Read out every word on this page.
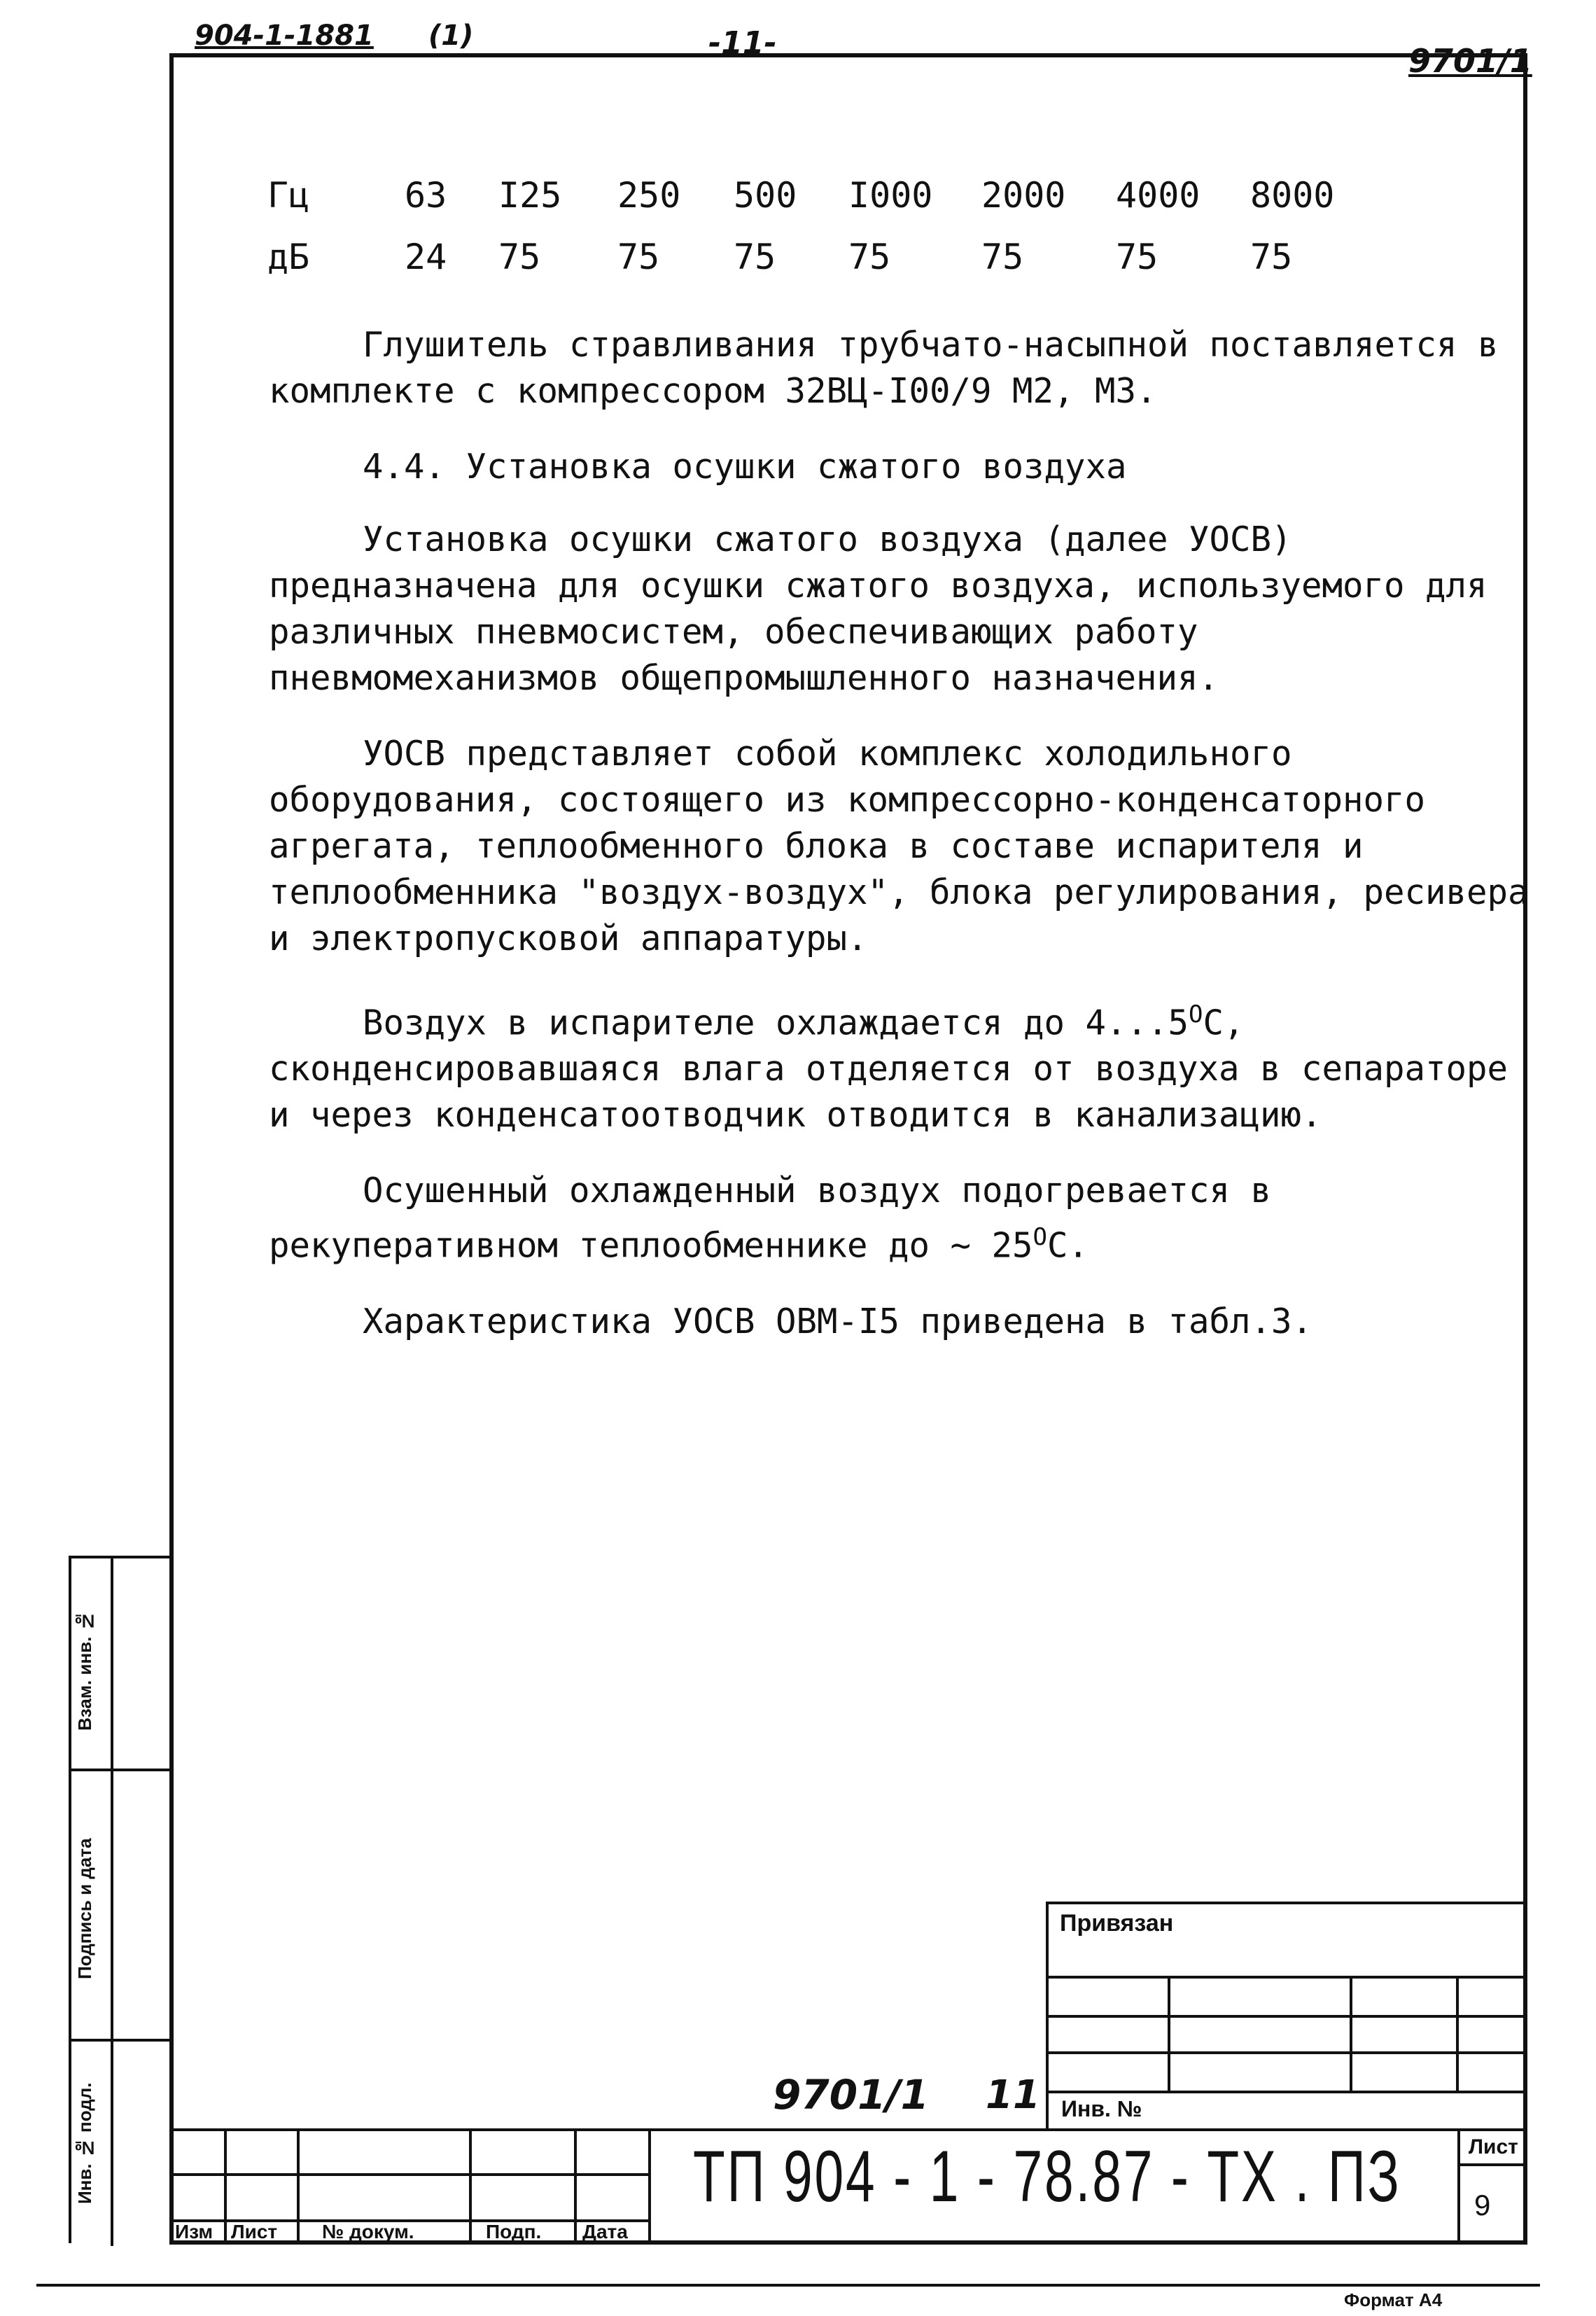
904-1-1881 (1)	-11-	9701/1
Гц	63 I25 250 500 I000 2000 4000 8000
дБ	24 75 75 75 75	75	75	75

Глушитель стравливания трубчато-насыпной поставляется в комплекте с компрессором 32ВЦ-I00/9 М2, М3.

4.4. Установка осушки сжатого воздуха

Установка осушки сжатого воздуха (далее УОСВ) предназначена для осушки сжатого воздуха, используемого для различных пневмосистем, обеспечивающих работу пневмомеханизмов общепромышленного назначения.

УОСВ представляет собой комплекс холодильного оборудования, состоящего из компрессорно-конденсаторного агрегата, теплообменного блока в составе испарителя и теплообменника "воздух-воздух", блока регулирования, ресивера и электропусковой аппаратуры.

Воздух в испарителе охлаждается до $4...5^ОС$, сконденсировавшаяся влага отделяется от воздуха в сепараторе и через конденсатоотводчик отводится в канализацию.

Осушенный охлажденный воздух подогревается в рекуперативном теплообменнике до ~ $25^ОС$.

Характеристика УОСВ ОВМ-I5 приведена в табл.3.

Взам. инв. №
Подпись и дата
Инв. № подл.
Привязан
Инв. №
9701/1 11
Изм Лист № докум.	Подп. Дата
ТП 904 - 1 - 78.87 - ТХ . ПЗ	Лист
9
Формат А4
